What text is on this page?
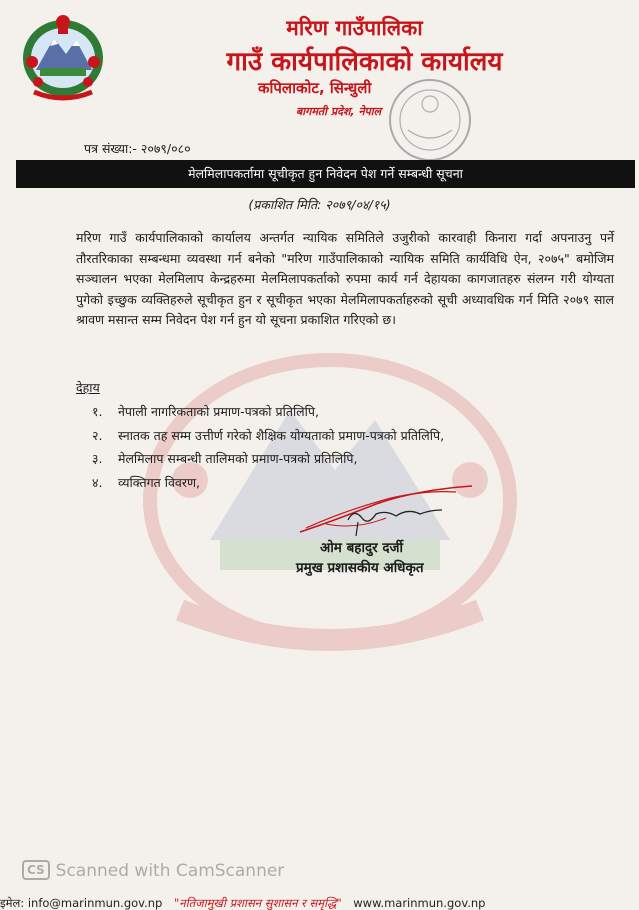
मरिण गाउँपालिका
गाउँ कार्यपालिकाको कार्यालय
कपिलाकोट, सिन्धुली
बागमती प्रदेश, नेपाल
पत्र संख्या:- २०७९/०८०
मेलमिलापकर्तामा सूचीकृत हुन निवेदन पेश गर्ने सम्बन्धी सूचना
(प्रकाशित मिति: २०७९/०४/१५)

मरिण गाउँ कार्यपालिकाको कार्यालय अन्तर्गत न्यायिक समितिले उजुरीको कारवाही किनारा गर्दा अपनाउनु पर्ने तौरतरिकाका सम्बन्धमा व्यवस्था गर्न बनेको "मरिण गाउँपालिकाको न्यायिक समिति कार्यविधि ऐन, २०७५" बमोजिम सञ्चालन भएका मेलमिलाप केन्द्रहरुमा मेलमिलापकर्ताको रुपमा कार्य गर्न देहायका कागजातहरु संलग्न गरी योग्यता पुगेको इच्छुक व्यक्तिहरुले सूचीकृत हुन र सूचीकृत भएका मेलमिलापकर्ताहरुको सूची अध्यावधिक गर्न मिति २०७९ साल श्रावण मसान्त सम्म निवेदन पेश गर्न हुन यो सूचना प्रकाशित गरिएको छ।

देहाय
१. नेपाली नागरिकताको प्रमाण-पत्रको प्रतिलिपि,
२. स्नातक तह सम्म उत्तीर्ण गरेको शैक्षिक योग्यताको प्रमाण-पत्रको प्रतिलिपि,
३. मेलमिलाप सम्बन्धी तालिमको प्रमाण-पत्रको प्रतिलिपि,
४. व्यक्तिगत विवरण,
ओम बहादुर दर्जी
प्रमुख प्रशासकीय अधिकृत
CS Scanned with CamScanner
इमेल: info@marinmun.gov.np "नतिजामुखी प्रशासन सुशासन र समृद्धि" www.marinmun.gov.np
